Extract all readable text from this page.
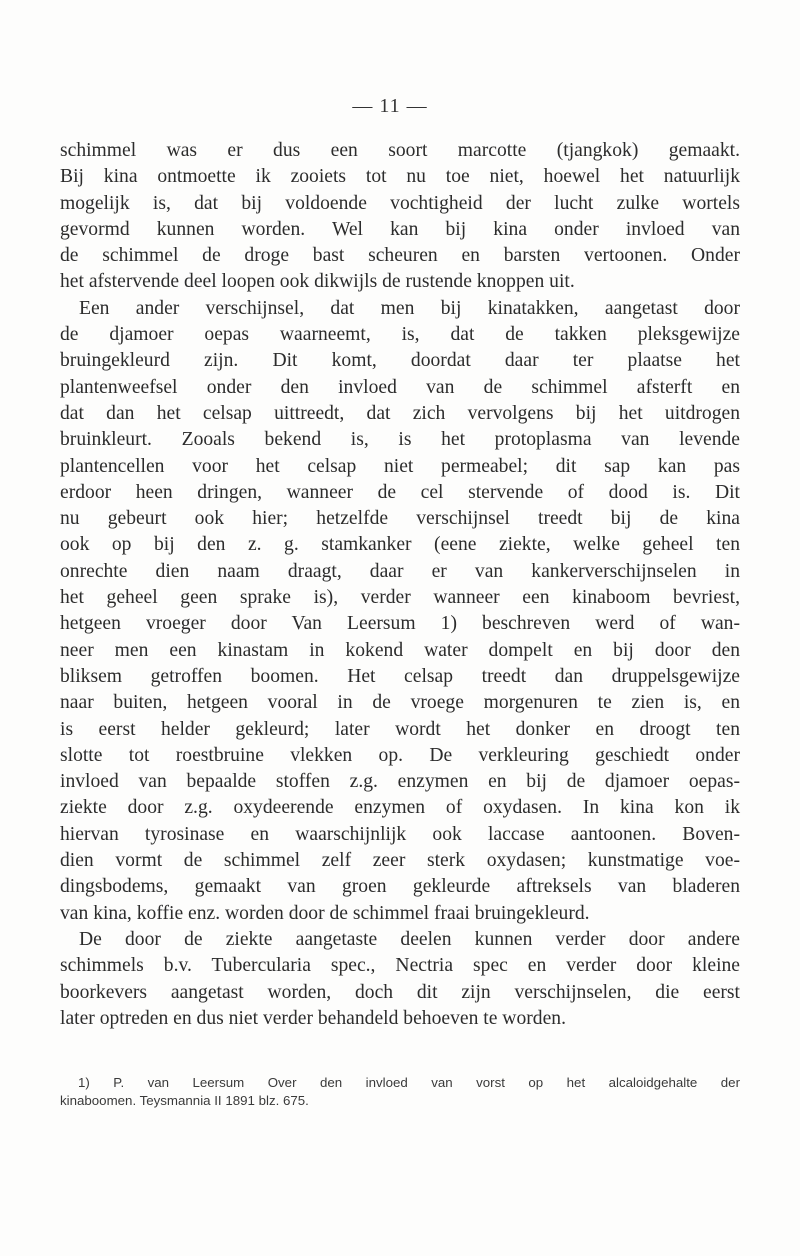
— 11 —
schimmel was er dus een soort marcotte (tjangkok) gemaakt.
Bij kina ontmoette ik zooiets tot nu toe niet, hoewel het natuurlijk
mogelijk is, dat bij voldoende vochtigheid der lucht zulke wortels
gevormd kunnen worden. Wel kan bij kina onder invloed van
de schimmel de droge bast scheuren en barsten vertoonen. Onder
het afstervende deel loopen ook dikwijls de rustende knoppen uit.
Een ander verschijnsel, dat men bij kinatakken, aangetast door
de djamoer oepas waarneemt, is, dat de takken pleksgewijze
bruingekleurd zijn. Dit komt, doordat daar ter plaatse het
plantenweefsel onder den invloed van de schimmel afsterft en
dat dan het celsap uittreedt, dat zich vervolgens bij het uitdrogen
bruinkleurt. Zooals bekend is, is het protoplasma van levende
plantencellen voor het celsap niet permeabel; dit sap kan pas
erdoor heen dringen, wanneer de cel stervende of dood is. Dit
nu gebeurt ook hier; hetzelfde verschijnsel treedt bij de kina
ook op bij den z. g. stamkanker (eene ziekte, welke geheel ten
onrechte dien naam draagt, daar er van kankerverschijnselen in
het geheel geen sprake is), verder wanneer een kinaboom bevriest,
hetgeen vroeger door Van Leersum 1) beschreven werd of wan-
neer men een kinastam in kokend water dompelt en bij door den
bliksem getroffen boomen. Het celsap treedt dan druppelsgewijze
naar buiten, hetgeen vooral in de vroege morgenuren te zien is, en
is eerst helder gekleurd; later wordt het donker en droogt ten
slotte tot roestbruine vlekken op. De verkleuring geschiedt onder
invloed van bepaalde stoffen z.g. enzymen en bij de djamoer oepas-
ziekte door z.g. oxydeerende enzymen of oxydasen. In kina kon ik
hiervan tyrosinase en waarschijnlijk ook laccase aantoonen. Boven-
dien vormt de schimmel zelf zeer sterk oxydasen; kunstmatige voe-
dingsbodems, gemaakt van groen gekleurde aftreksels van bladeren
van kina, koffie enz. worden door de schimmel fraai bruingekleurd.
De door de ziekte aangetaste deelen kunnen verder door andere
schimmels b.v. Tubercularia spec., Nectria spec en verder door kleine
boorkevers aangetast worden, doch dit zijn verschijnselen, die eerst
later optreden en dus niet verder behandeld behoeven te worden.
1) P. van Leersum Over den invloed van vorst op het alcaloidgehalte der
kinaboomen. Teysmannia II 1891 blz. 675.
